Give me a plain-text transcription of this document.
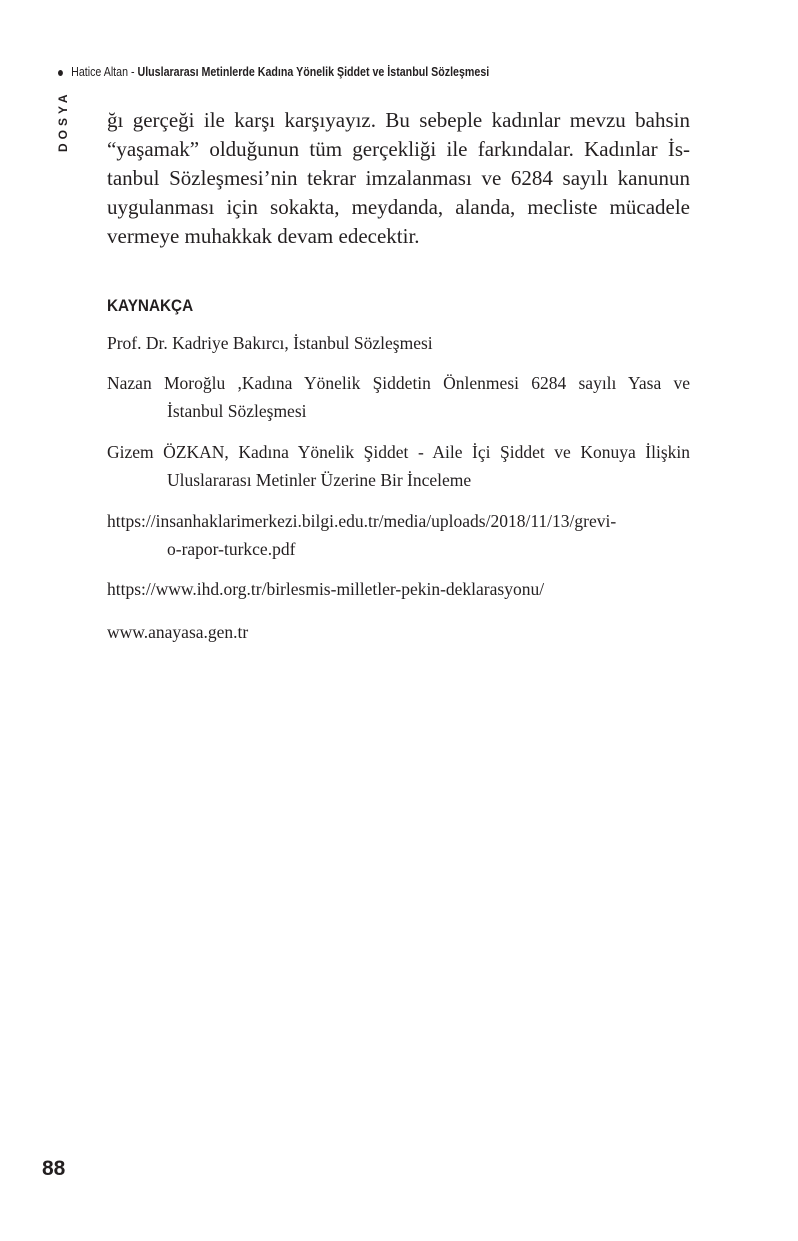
Hatice Altan - Uluslararası Metinlerde Kadına Yönelik Şiddet ve İstanbul Sözleşmesi
DOSYA ğı gerçeği ile karşı karşıyayız. Bu sebeple kadınlar mevzu bahsin
“yaşamak” olduğunun tüm gerçekliği ile farkındalar. Kadınlar İs-
tanbul Sözleşmesi’nin tekrar imzalanması ve 6284 sayılı kanunun
uygulanması için sokakta, meydanda, alanda, mecliste mücadele
vermeye muhakkak devam edecektir.
KAYNAKÇA
Prof. Dr. Kadriye Bakırcı, İstanbul Sözleşmesi
Nazan Moroğlu ,Kadına Yönelik Şiddetin Önlenmesi 6284 sayılı Yasa ve
İstanbul Sözleşmesi
Gizem ÖZKAN, Kadına Yönelik Şiddet - Aile İçi Şiddet ve Konuya İlişkin
Uluslararası Metinler Üzerine Bir İnceleme
https://insanhaklarimerkezi.bilgi.edu.tr/media/uploads/2018/11/13/grevi-
o-rapor-turkce.pdf
https://www.ihd.org.tr/birlesmis-milletler-pekin-deklarasyonu/
www.anayasa.gen.tr
88
